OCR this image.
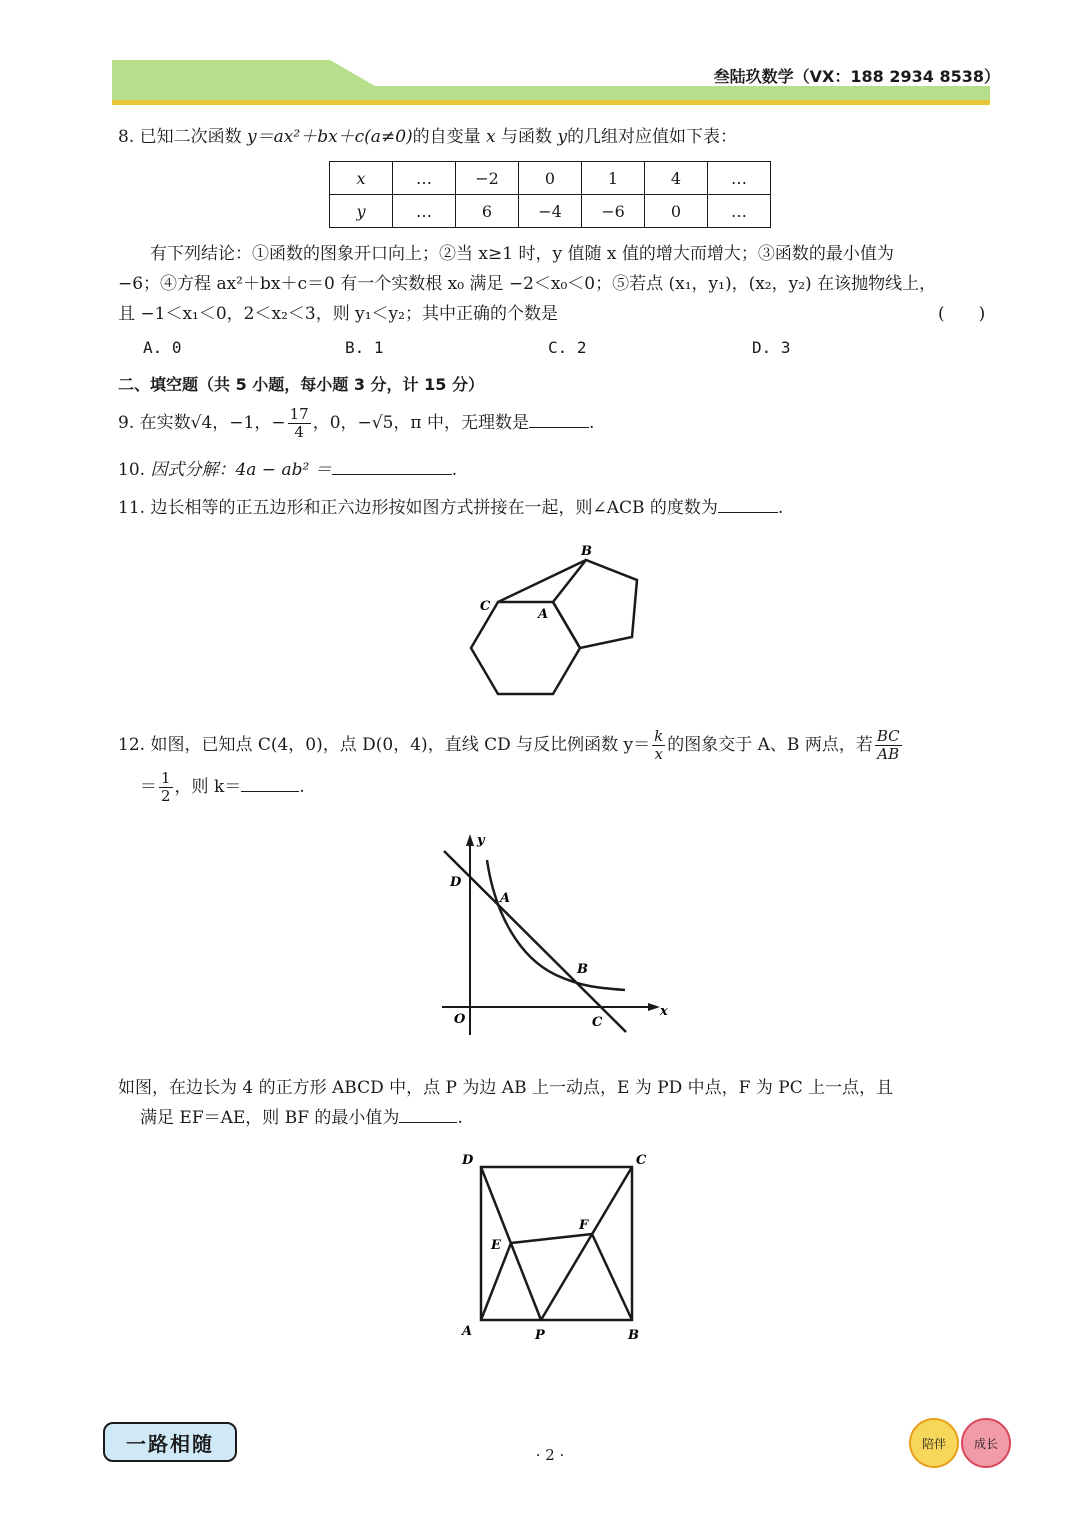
叁陆玖数学（VX：188 2934 8538）
8. 已知二次函数 y＝ax²＋bx＋c(a≠0)的自变量 x 与函数 y的几组对应值如下表：
x	…	−2	0	1	4	…
y	…	6	−4	−6	0	…
有下列结论：①函数的图象开口向上；②当 x≥1 时，y 值随 x 值的增大而增大；③函数的最小值为
−6；④方程 ax²＋bx＋c＝0 有一个实数根 x₀ 满足 −2＜x₀＜0；⑤若点 (x₁，y₁)，(x₂，y₂) 在该抛物线上，
且 −1＜x₁＜0，2＜x₂＜3，则 y₁＜y₂；其中正确的个数是	(　　)
A. 0	B. 1	C. 2	D. 3
二、填空题（共 5 小题，每小题 3 分，计 15 分）
9. 在实数√4，−1，− $\frac{17}{4}$ ，0，−√5，π 中，无理数是	.
10. 因式分解：4a − ab² ＝	.
11. 边长相等的正五边形和正六边形按如图方式拼接在一起，则∠ACB 的度数为	.
B
C
A
12. 如图，已知点 C(4，0)，点 D(0，4)，直线 CD 与反比例函数 $y= \frac{k}{x}$ 的图象交于 A、B 两点，若 $\frac{BC}{AB}$
＝ $\frac{1}{2}$ ，则 k＝	.
y
D
A
B
O	C
x
如图，在边长为 4 的正方形 ABCD 中，点 P 为边 AB 上一动点，E 为 PD 中点，F 为 PC 上一点，且
满足 EF＝AE，则 BF 的最小值为	.
D	C
E
F
A	P	B
一路相随	· 2 ·
陪伴	成长
